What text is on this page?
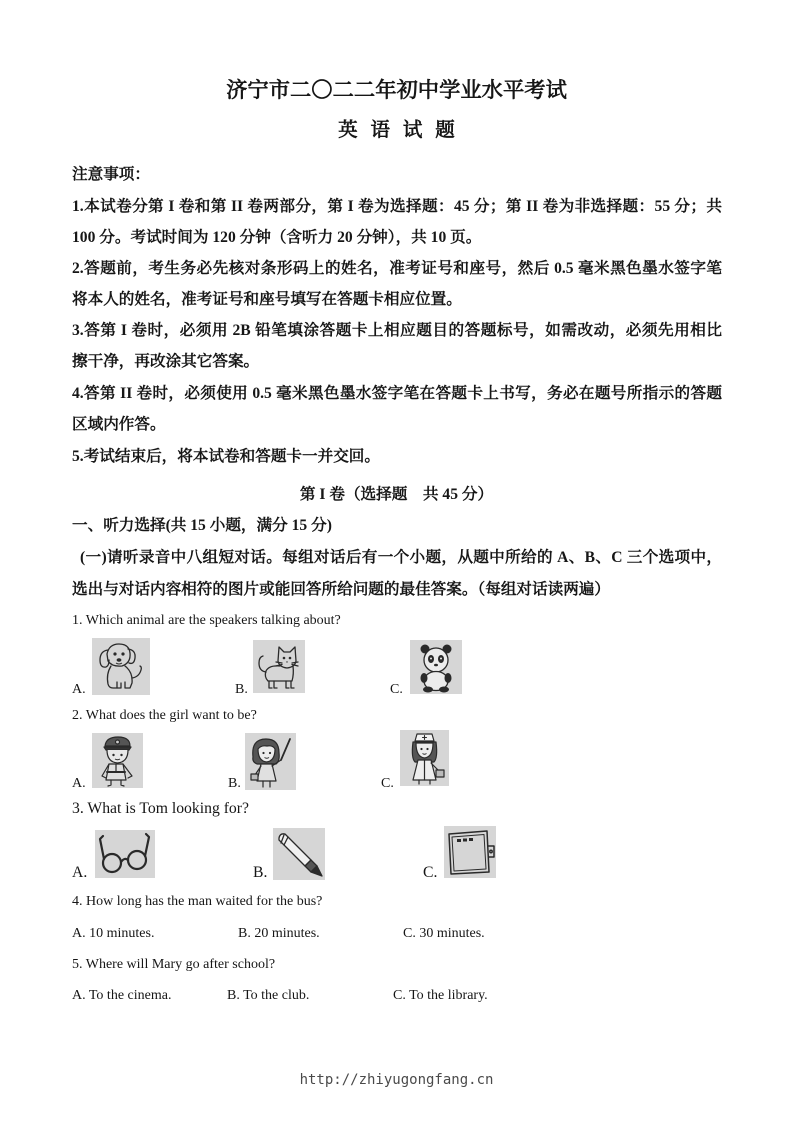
济宁市二〇二二年初中学业水平考试
英 语 试 题
注意事项：
1.本试卷分第 I 卷和第 II 卷两部分，第 I 卷为选择题：45 分；第 II 卷为非选择题：55 分；共
100 分。考试时间为 120 分钟（含听力 20 分钟），共 10 页。
2.答题前，考生务必先核对条形码上的姓名，准考证号和座号，然后 0.5 毫米黑色墨水签字笔
将本人的姓名，准考证号和座号填写在答题卡相应位置。
3.答第 I 卷时，必须用 2B 铅笔填涂答题卡上相应题目的答题标号，如需改动，必须先用相比
擦干净，再改涂其它答案。
4.答第 II 卷时，必须使用 0.5 毫米黑色墨水签字笔在答题卡上书写，务必在题号所指示的答题
区域内作答。
5.考试结束后，将本试卷和答题卡一并交回。
第 I 卷（选择题　共 45 分）
一、听力选择(共 15 小题，满分 15 分)
(一)请听录音中八组短对话。每组对话后有一个小题，从题中所给的 A、B、C 三个选项中，
选出与对话内容相符的图片或能回答所给问题的最佳答案。（每组对话读两遍）
1. Which animal are the speakers talking about?
A.	B.	C.
2. What does the girl want to be?
A.	B.	C.
3. What is Tom looking for?
A.	B.	C.
4. How long has the man waited for the bus?
A. 10 minutes.	B. 20 minutes.	C. 30 minutes.
5. Where will Mary go after school?
A. To the cinema.	B. To the club.	C. To the library.
http://zhiyugongfang.cn
